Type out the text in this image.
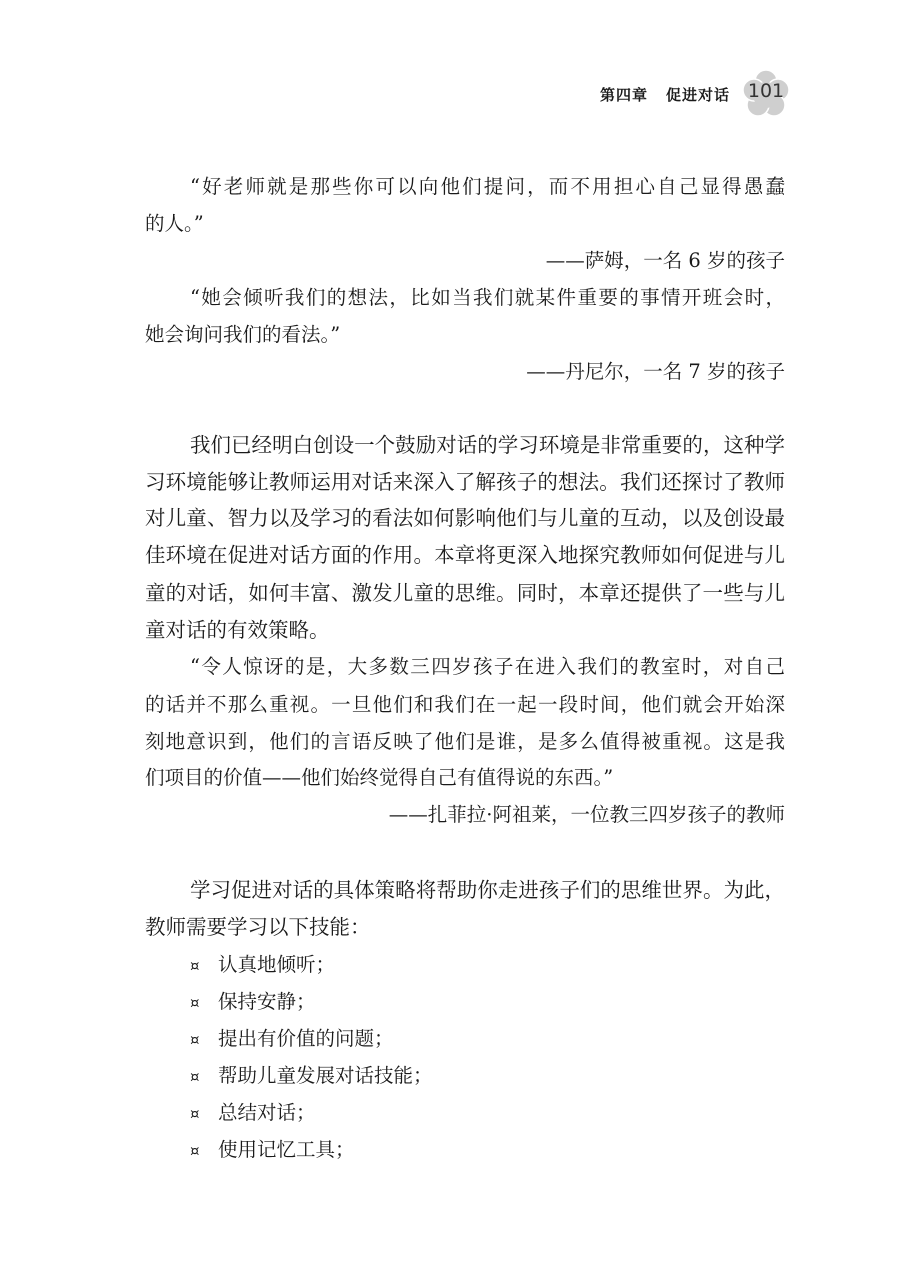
第四章 促进对话 101
“好老师就是那些你可以向他们提问，而不用担心自己显得愚蠢
的人。”
——萨姆，一名 6 岁的孩子
“她会倾听我们的想法，比如当我们就某件重要的事情开班会时，
她会询问我们的看法。”
——丹尼尔，一名 7 岁的孩子
我们已经明白创设一个鼓励对话的学习环境是非常重要的，这种学
习环境能够让教师运用对话来深入了解孩子的想法。我们还探讨了教师
对儿童、智力以及学习的看法如何影响他们与儿童的互动，以及创设最
佳环境在促进对话方面的作用。本章将更深入地探究教师如何促进与儿
童的对话，如何丰富、激发儿童的思维。同时，本章还提供了一些与儿
童对话的有效策略。
“令人惊讶的是，大多数三四岁孩子在进入我们的教室时，对自己
的话并不那么重视。一旦他们和我们在一起一段时间，他们就会开始深
刻地意识到，他们的言语反映了他们是谁，是多么值得被重视。这是我
们项目的价值——他们始终觉得自己有值得说的东西。”
——扎菲拉·阿祖莱，一位教三四岁孩子的教师
学习促进对话的具体策略将帮助你走进孩子们的思维世界。为此，
教师需要学习以下技能：
¤ 认真地倾听；
¤ 保持安静；
¤ 提出有价值的问题；
¤ 帮助儿童发展对话技能；
¤ 总结对话；
¤ 使用记忆工具；
